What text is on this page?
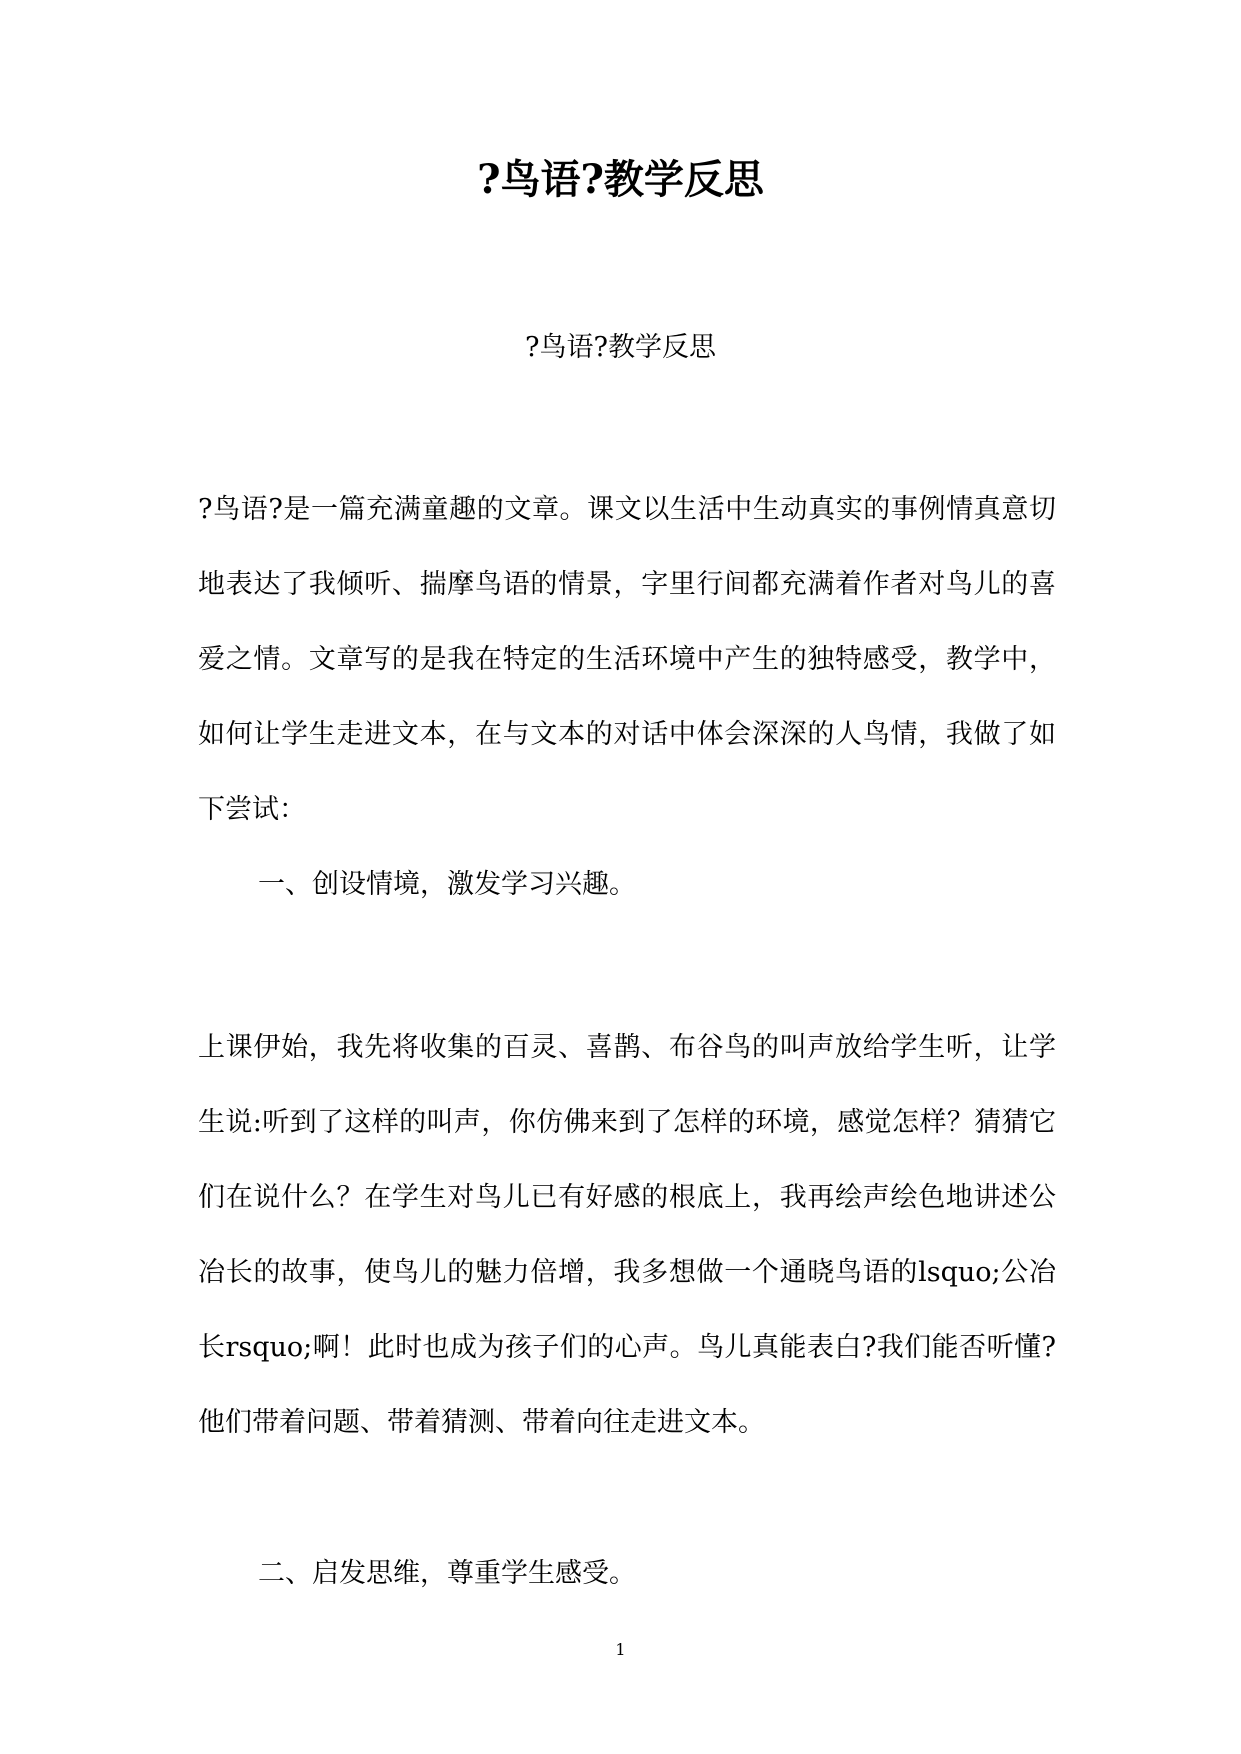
?鸟语?教学反思
?鸟语?教学反思
?鸟语?是一篇充满童趣的文章。课文以生活中生动真实的事例情真意切地表达了我倾听、揣摩鸟语的情景，字里行间都充满着作者对鸟儿的喜爱之情。文章写的是我在特定的生活环境中产生的独特感受，教学中，如何让学生走进文本，在与文本的对话中体会深深的人鸟情，我做了如下尝试：
一、创设情境，激发学习兴趣。
上课伊始，我先将收集的百灵、喜鹊、布谷鸟的叫声放给学生听，让学生说:听到了这样的叫声，你仿佛来到了怎样的环境，感觉怎样？猜猜它们在说什么？在学生对鸟儿已有好感的根底上，我再绘声绘色地讲述公冶长的故事，使鸟儿的魅力倍增，我多想做一个通晓鸟语的lsquo;公冶长rsquo;啊！此时也成为孩子们的心声。鸟儿真能表白?我们能否听懂?他们带着问题、带着猜测、带着向往走进文本。
二、启发思维，尊重学生感受。
1
